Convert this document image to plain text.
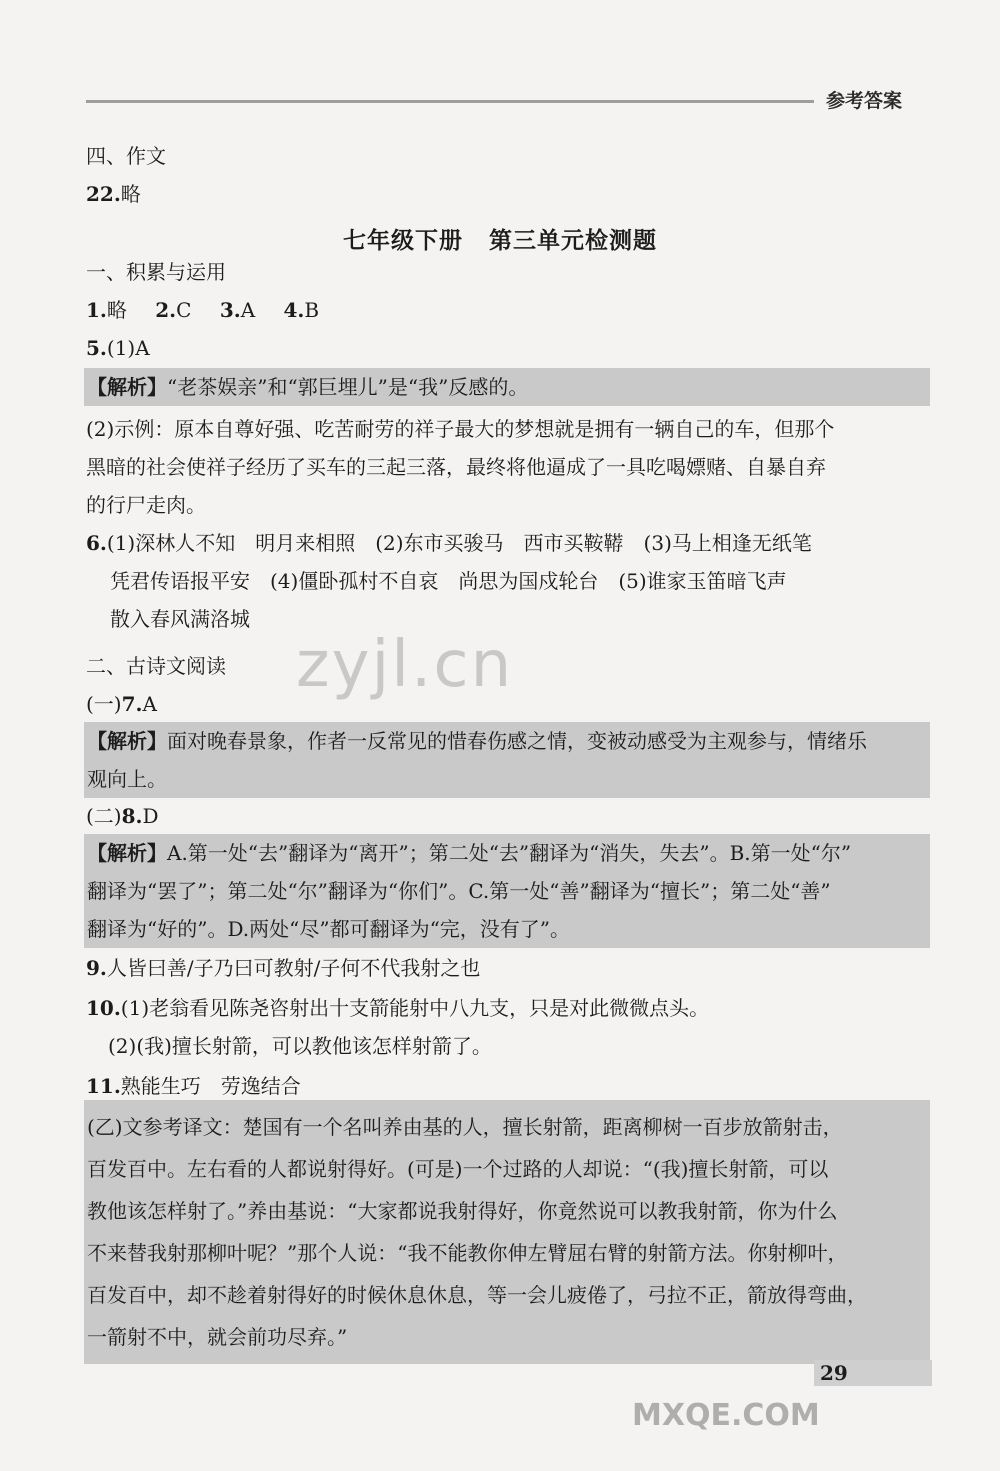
参考答案
四、作文
22.略
七年级下册 第三单元检测题
一、积累与运用
1.略 2.C 3.A 4.B
5.(1)A

【解析】“老茶娱亲”和“郭巨埋儿”是“我”反感的。

(2)示例：原本自尊好强、吃苦耐劳的祥子最大的梦想就是拥有一辆自己的车，但那个

黑暗的社会使祥子经历了买车的三起三落，最终将他逼成了一具吃喝嫖赌、自暴自弃

的行尸走肉。

6.(1)深林人不知　明月来相照　(2)东市买骏马　西市买鞍鞯　(3)马上相逢无纸笔

凭君传语报平安　(4)僵卧孤村不自哀　尚思为国戍轮台　(5)谁家玉笛暗飞声

散入春风满洛城

二、古诗文阅读
(一)7.A

【解析】面对晚春景象，作者一反常见的惜春伤感之情，变被动感受为主观参与，情绪乐

观向上。

(二)8.D

【解析】A.第一处“去”翻译为“离开”；第二处“去”翻译为“消失，失去”。B.第一处“尔”

翻译为“罢了”；第二处“尔”翻译为“你们”。C.第一处“善”翻译为“擅长”；第二处“善”

翻译为“好的”。D.两处“尽”都可翻译为“完，没有了”。

9.人皆曰善/子乃曰可教射/子何不代我射之也
10.(1)老翁看见陈尧咨射出十支箭能射中八九支，只是对此微微点头。
(2)(我)擅长射箭，可以教他该怎样射箭了。
11.熟能生巧　劳逸结合

(乙)文参考译文：楚国有一个名叫养由基的人，擅长射箭，距离柳树一百步放箭射击，

百发百中。左右看的人都说射得好。(可是)一个过路的人却说：“(我)擅长射箭，可以

教他该怎样射了。”养由基说：“大家都说我射得好，你竟然说可以教我射箭，你为什么

不来替我射那柳叶呢？”那个人说：“我不能教你伸左臂屈右臂的射箭方法。你射柳叶，

百发百中，却不趁着射得好的时候休息休息，等一会儿疲倦了，弓拉不正，箭放得弯曲，

一箭射不中，就会前功尽弃。”

29
zyjl.cn
MXQE.COM
